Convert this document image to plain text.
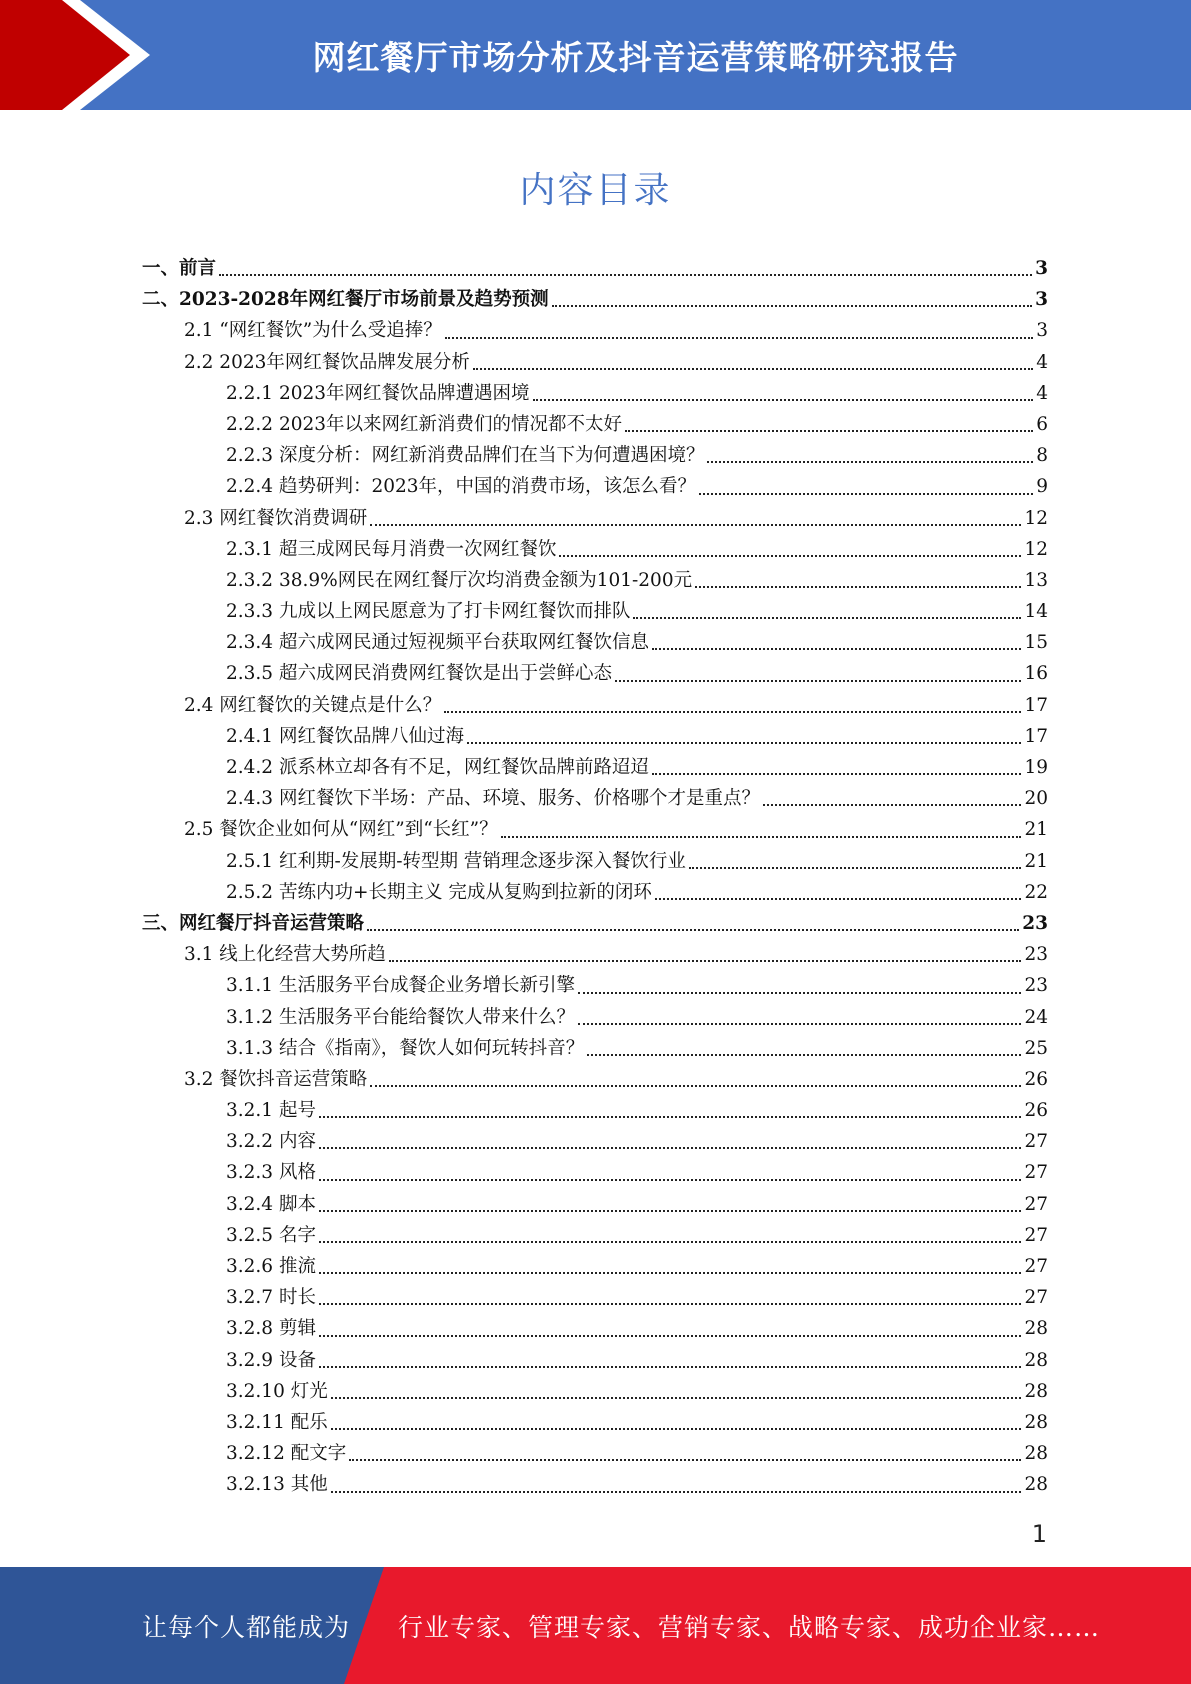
网红餐厅市场分析及抖音运营策略研究报告
内容目录
一、前言	3
二、2023-2028年网红餐厅市场前景及趋势预测	3
2.1 “网红餐饮”为什么受追捧？	3
2.2 2023年网红餐饮品牌发展分析	4
2.2.1 2023年网红餐饮品牌遭遇困境	4
2.2.2 2023年以来网红新消费们的情况都不太好	6
2.2.3 深度分析：网红新消费品牌们在当下为何遭遇困境？	8
2.2.4 趋势研判：2023年，中国的消费市场，该怎么看？	9
2.3 网红餐饮消费调研	12
2.3.1 超三成网民每月消费一次网红餐饮	12
2.3.2 38.9%网民在网红餐厅次均消费金额为101-200元	13
2.3.3 九成以上网民愿意为了打卡网红餐饮而排队	14
2.3.4 超六成网民通过短视频平台获取网红餐饮信息	15
2.3.5 超六成网民消费网红餐饮是出于尝鲜心态	16
2.4 网红餐饮的关键点是什么？	17
2.4.1 网红餐饮品牌八仙过海	17
2.4.2 派系林立却各有不足，网红餐饮品牌前路迢迢	19
2.4.3 网红餐饮下半场：产品、环境、服务、价格哪个才是重点？	20
2.5 餐饮企业如何从“网红”到“长红”？	21
2.5.1 红利期-发展期-转型期 营销理念逐步深入餐饮行业	21
2.5.2 苦练内功+长期主义 完成从复购到拉新的闭环	22
三、网红餐厅抖音运营策略	23
3.1 线上化经营大势所趋	23
3.1.1 生活服务平台成餐企业务增长新引擎	23
3.1.2 生活服务平台能给餐饮人带来什么？	24
3.1.3 结合《指南》，餐饮人如何玩转抖音？	25
3.2 餐饮抖音运营策略	26
3.2.1 起号	26
3.2.2 内容	27
3.2.3 风格	27
3.2.4 脚本	27
3.2.5 名字	27
3.2.6 推流	27
3.2.7 时长	27
3.2.8 剪辑	28
3.2.9 设备	28
3.2.10 灯光	28
3.2.11 配乐	28
3.2.12 配文字	28
3.2.13 其他	28
1
让每个人都能成为 行业专家、管理专家、营销专家、战略专家、成功企业家……
